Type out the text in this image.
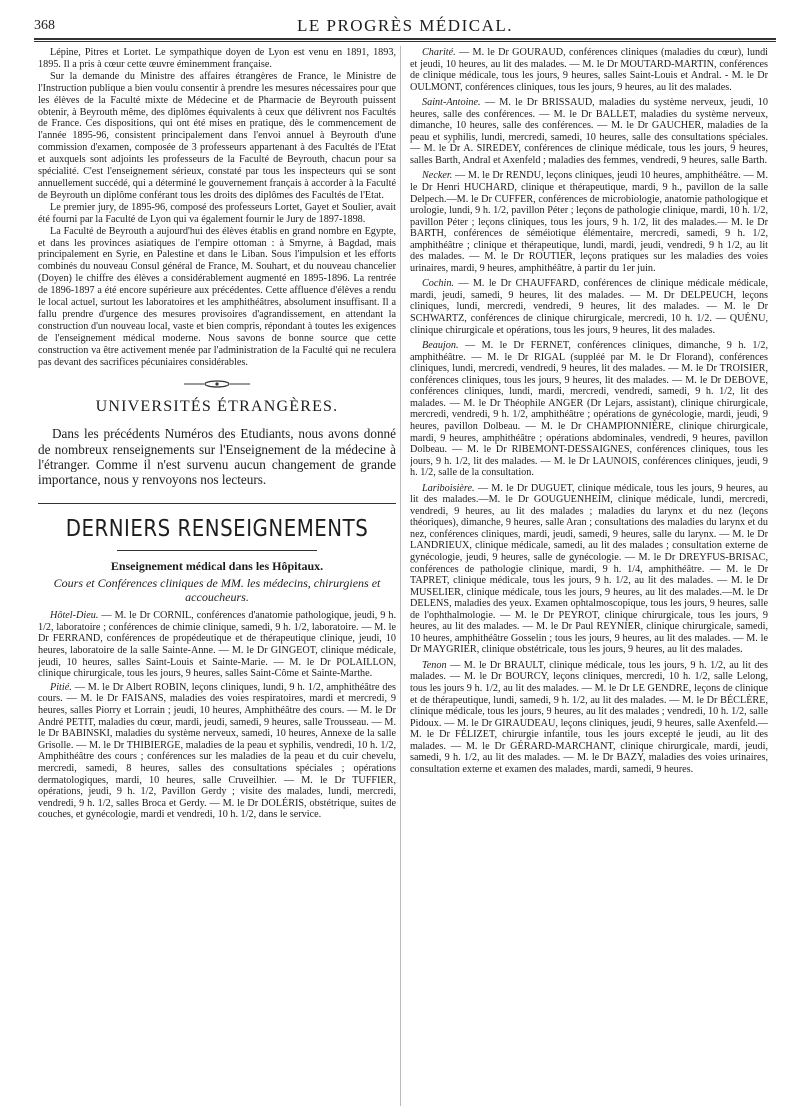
368	LE PROGRÈS MÉDICAL.

Lépine, Pitres et Lortet. Le sympathique doyen de Lyon est venu en 1891, 1893, 1895. Il a pris à cœur cette œuvre éminemment française.

Sur la demande du Ministre des affaires étrangères de France, le Ministre de l'Instruction publique a bien voulu consentir à prendre les mesures nécessaires pour que les élèves de la Faculté mixte de Médecine et de Pharmacie de Beyrouth puissent obtenir, à Beyrouth même, des diplômes équivalents à ceux que délivrent nos Facultés de France. Ces dispositions, qui ont été mises en pratique, dès le commencement de l'année 1895-96, consistent principalement dans l'envoi annuel à Beyrouth d'une commission d'examen, composée de 3 professeurs appartenant à des Facultés de l'Etat et auxquels sont adjoints les professeurs de la Faculté de Beyrouth, chacun pour sa spécialité. C'est l'enseignement sérieux, constaté par tous les inspecteurs qui se sont annuellement succédé, qui a déterminé le gouvernement français à accorder à la Faculté de Beyrouth un diplôme conférant tous les droits des diplômes des Facultés de l'Etat.

Le premier jury, de 1895-96, composé des professeurs Lortet, Gayet et Soulier, avait été fourni par la Faculté de Lyon qui va également fournir le Jury de 1897-1898.

La Faculté de Beyrouth a aujourd'hui des élèves établis en grand nombre en Egypte, et dans les provinces asiatiques de l'empire ottoman : à Smyrne, à Bagdad, mais principalement en Syrie, en Palestine et dans le Liban. Sous l'impulsion et les efforts combinés du nouveau Consul général de France, M. Souhart, et du nouveau chancelier (Doyen) le chiffre des élèves a considérablement augmenté en 1895-1896. La rentrée de 1896-1897 a été encore supérieure aux précédentes. Cette affluence d'élèves a rendu le local actuel, surtout les laboratoires et les amphithéâtres, absolument insuffisant. Il a fallu prendre d'urgence des mesures provisoires d'agrandissement, en attendant la construction d'un nouveau local, vaste et bien compris, répondant à toutes les exigences de l'enseignement médical moderne. Nous savons de bonne source que cette construction va être activement menée par l'administration de la Faculté qui ne reculera pas devant des sacrifices pécuniaires considérables.

UNIVERSITÉS ÉTRANGÈRES.

Dans les précédents Numéros des Etudiants, nous avons donné de nombreux renseignements sur l'Enseignement de la médecine à l'étranger. Comme il n'est survenu aucun changement de grande importance, nous y renvoyons nos lecteurs.

DERNIERS RENSEIGNEMENTS
Enseignement médical dans les Hôpitaux.
Cours et Conférences cliniques de MM. les médecins, chirurgiens et accoucheurs.

Hôtel-Dieu. — M. le Dr CORNIL, conférences d'anatomie pathologique, jeudi, 9 h. 1/2, laboratoire ; conférences de chimie clinique, samedi, 9 h. 1/2, laboratoire. — M. le Dr FERRAND, conférences de propédeutique et de thérapeutique clinique, jeudi, 10 heures, laboratoire de la salle Sainte-Anne. — M. le Dr GINGEOT, clinique médicale, jeudi, 10 heures, salles Saint-Louis et Sainte-Marie. — M. le Dr POLAILLON, clinique chirurgicale, tous les jours, 9 heures, salles Saint-Côme et Sainte-Marthe.

Pitié. — M. le Dr Albert ROBIN, leçons cliniques, lundi, 9 h. 1/2, amphithéâtre des cours. — M. le Dr FAISANS, maladies des voies respiratoires, mardi et mercredi, 9 heures, salles Piorry et Lorrain ; jeudi, 10 heures, Amphithéâtre des cours. — M. le Dr André PETIT, maladies du cœur, mardi, jeudi, samedi, 9 heures, salle Trousseau. — M. le Dr BABINSKI, maladies du système nerveux, samedi, 10 heures, Annexe de la salle Grisolle. — M. le Dr THIBIERGE, maladies de la peau et syphilis, vendredi, 10 h. 1/2, Amphithéâtre des cours ; conférences sur les maladies de la peau et du cuir chevelu, mercredi, samedi, 8 heures, salles des consultations spéciales ; opérations dermatologiques, mardi, 10 heures, salle Cruveilhier. — M. le Dr TUFFIER, opérations, jeudi, 9 h. 1/2, Pavillon Gerdy ; visite des malades, lundi, mercredi, vendredi, 9 h. 1/2, salles Broca et Gerdy. — M. le Dr DOLÉRIS, obstétrique, suites de couches, et gynécologie, mardi et vendredi, 10 h. 1/2, dans le service.

Charité. — M. le Dr GOURAUD, conférences cliniques (maladies du cœur), lundi et jeudi, 10 heures, au lit des malades. — M. le Dr MOUTARD-MARTIN, conférences de clinique médicale, tous les jours, 9 heures, salles Saint-Louis et Andral. - M. le Dr OULMONT, conférences cliniques, tous les jours, 9 heures, au lit des malades.

Saint-Antoine. — M. le Dr BRISSAUD, maladies du système nerveux, jeudi, 10 heures, salle des conférences. — M. le Dr BALLET, maladies du système nerveux, dimanche, 10 heures, salle des conférences. — M. le Dr GAUCHER, maladies de la peau et syphilis, lundi, mercredi, samedi, 10 heures, salle des consultations spéciales. — M. le Dr A. SIREDEY, conférences de clinique médicale, tous les jours, 9 heures, salles Barth, Andral et Axenfeld ; maladies des femmes, vendredi, 9 heures, salle Barth.

Necker. — M. le Dr RENDU, leçons cliniques, jeudi 10 heures, amphithéâtre. — M. le Dr Henri HUCHARD, clinique et thérapeutique, mardi, 9 h., pavillon de la salle Delpech.—M. le Dr CUFFER, conférences de microbiologie, anatomie pathologique et urologie, lundi, 9 h. 1/2, pavillon Péter ; leçons de pathologie clinique, mardi, 10 h. 1/2, pavillon Péter ; leçons cliniques, tous les jours, 9 h. 1/2, lit des malades.— M. le Dr BARTH, conférences de séméiotique élémentaire, mercredi, samedi, 9 h. 1/2, amphithéâtre ; clinique et thérapeutique, lundi, mardi, jeudi, vendredi, 9 h 1/2, au lit des malades. — M. le Dr ROUTIER, leçons pratiques sur les maladies des voies urinaires, mardi, 9 heures, amphithéâtre, à partir du 1er juin.

Cochin. — M. le Dr CHAUFFARD, conférences de clinique médicale médicale, mardi, jeudi, samedi, 9 heures, lit des malades. — M. Dr DELPEUCH, leçons cliniques, lundi, mercredi, vendredi, 9 heures, lit des malades. — M. le Dr SCHWARTZ, conférences de clinique chirurgicale, mercredi, 10 h. 1/2. — QUÉNU, clinique chirurgicale et opérations, tous les jours, 9 heures, lit des malades.

Beaujon. — M. le Dr FERNET, conférences cliniques, dimanche, 9 h. 1/2, amphithéâtre. — M. le Dr RIGAL (suppléé par M. le Dr Florand), conférences cliniques, lundi, mercredi, vendredi, 9 heures, lit des malades. — M. le Dr TROISIER, conférences cliniques, tous les jours, 9 heures, lit des malades. — M. le Dr DEBOVE, conférences cliniques, lundi, mardi, mercredi, vendredi, samedi, 9 h. 1/2, lit des malades. — M. le Dr Théophile ANGER (Dr Lejars, assistant), clinique chirurgicale, mercredi, vendredi, 9 h. 1/2, amphithéâtre ; opérations de gynécologie, mardi, jeudi, 9 heures, pavillon Dolbeau. — M. le Dr CHAMPIONNIÈRE, clinique chirurgicale, mardi, 9 heures, amphithéâtre ; opérations abdominales, vendredi, 9 heures, pavillon Dolbeau. — M. le Dr RIBEMONT-DESSAIGNES, conférences cliniques, tous les jours, 9 h. 1/2, lit des malades. — M. le Dr LAUNOIS, conférences cliniques, jeudi, 9 h. 1/2, salle de la consultation.

Lariboisière. — M. le Dr DUGUET, clinique médicale, tous les jours, 9 heures, au lit des malades.—M. le Dr GOUGUENHEIM, clinique médicale, lundi, mercredi, vendredi, 9 heures, au lit des malades ; maladies du larynx et du nez (leçons théoriques), dimanche, 9 heures, salle Aran ; consultations des maladies du larynx et du nez, conférences cliniques, mardi, jeudi, samedi, 9 heures, salle du larynx. — M. le Dr LANDRIEUX, clinique médicale, samedi, au lit des malades ; consultation externe de gynécologie, jeudi, 9 heures, salle de gynécologie. — M. le Dr DREYFUS-BRISAC, conférences de pathologie clinique, mardi, 9 h. 1/4, amphithéâtre. — M. le Dr TAPRET, clinique médicale, tous les jours, 9 h. 1/2, au lit des malades. — M. le Dr MUSELIER, clinique médicale, tous les jours, 9 heures, au lit des malades.—M. le Dr DELENS, maladies des yeux. Examen ophtalmoscopique, tous les jours, 9 heures, salle de l'ophthalmologie. — M. le Dr PEYROT, clinique chirurgicale, tous les jours, 9 heures, au lit des malades. — M. le Dr Paul REYNIER, clinique chirurgicale, samedi, 10 heures, amphithéâtre Gosselin ; tous les jours, 9 heures, au lit des malades. — M. le Dr MAYGRIER, clinique obstétricale, tous les jours, 9 heures, au lit des malades.

Tenon — M. le Dr BRAULT, clinique médicale, tous les jours, 9 h. 1/2, au lit des malades. — M. le Dr BOURCY, leçons cliniques, mercredi, 10 h. 1/2, salle Lelong, tous les jours 9 h. 1/2, au lit des malades. — M. le Dr LE GENDRE, leçons de clinique et de thérapeutique, lundi, samedi, 9 h. 1/2, au lit des malades. — M. le Dr BÉCLÈRE, clinique médicale, tous les jours, 9 heures, au lit des malades ; vendredi, 10 h. 1/2, salle Pidoux. — M. le Dr GIRAUDEAU, leçons cliniques, jeudi, 9 heures, salle Axenfeld.— M. le Dr FÉLIZET, chirurgie infantile, tous les jours excepté le jeudi, au lit des malades. — M. le Dr GÉRARD-MARCHANT, clinique chirurgicale, mardi, jeudi, samedi, 9 h. 1/2, au lit des malades. — M. le Dr BAZY, maladies des voies urinaires, consultation externe et examen des malades, mardi, samedi, 9 heures.
